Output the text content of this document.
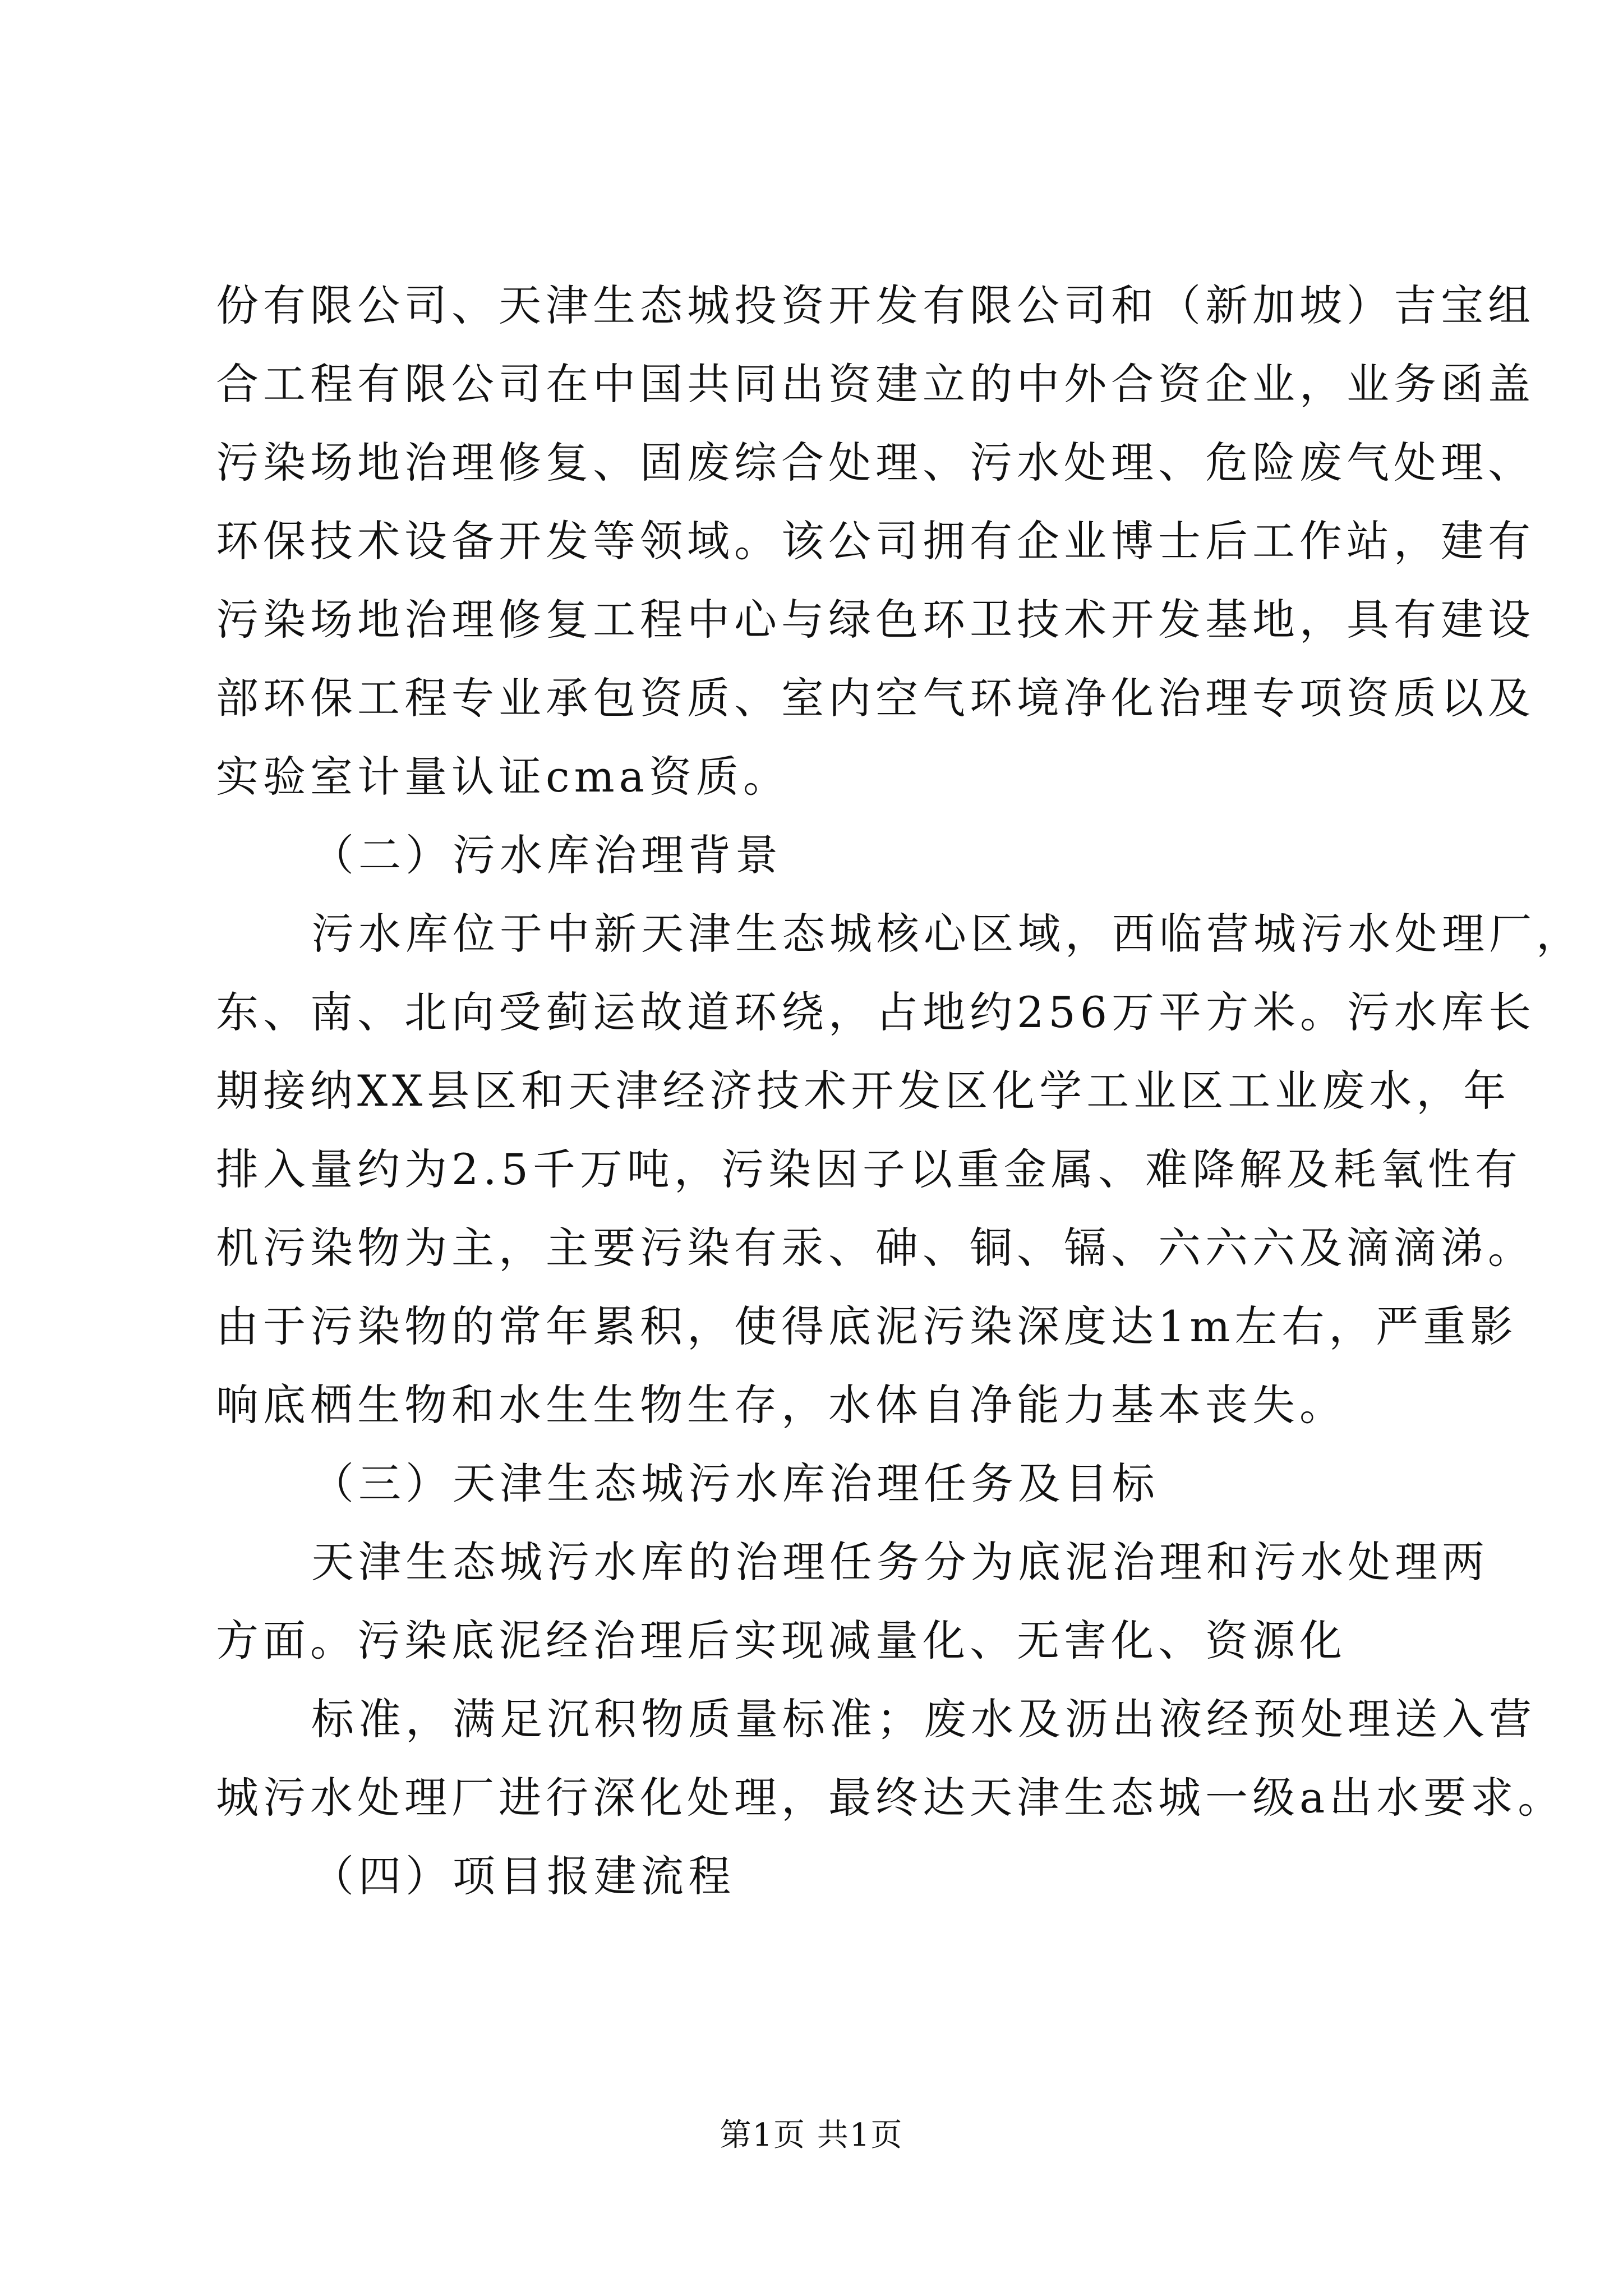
份有限公司、天津生态城投资开发有限公司和（新加坡）吉宝组
合工程有限公司在中国共同出资建立的中外合资企业，业务函盖
污染场地治理修复、固废综合处理、污水处理、危险废气处理、
环保技术设备开发等领域。该公司拥有企业博士后工作站，建有
污染场地治理修复工程中心与绿色环卫技术开发基地，具有建设
部环保工程专业承包资质、室内空气环境净化治理专项资质以及
实验室计量认证cma资质。
（二）污水库治理背景
污水库位于中新天津生态城核心区域，西临营城污水处理厂，
东、南、北向受蓟运故道环绕，占地约256万平方米。污水库长
期接纳XX县区和天津经济技术开发区化学工业区工业废水，年
排入量约为2.5千万吨，污染因子以重金属、难降解及耗氧性有
机污染物为主，主要污染有汞、砷、铜、镉、六六六及滴滴涕。
由于污染物的常年累积，使得底泥污染深度达1m左右，严重影
响底栖生物和水生生物生存，水体自净能力基本丧失。
（三）天津生态城污水库治理任务及目标
天津生态城污水库的治理任务分为底泥治理和污水处理两
方面。污染底泥经治理后实现减量化、无害化、资源化
标准，满足沉积物质量标准；废水及沥出液经预处理送入营
城污水处理厂进行深化处理，最终达天津生态城一级a出水要求。
（四）项目报建流程
第1页 共1页
